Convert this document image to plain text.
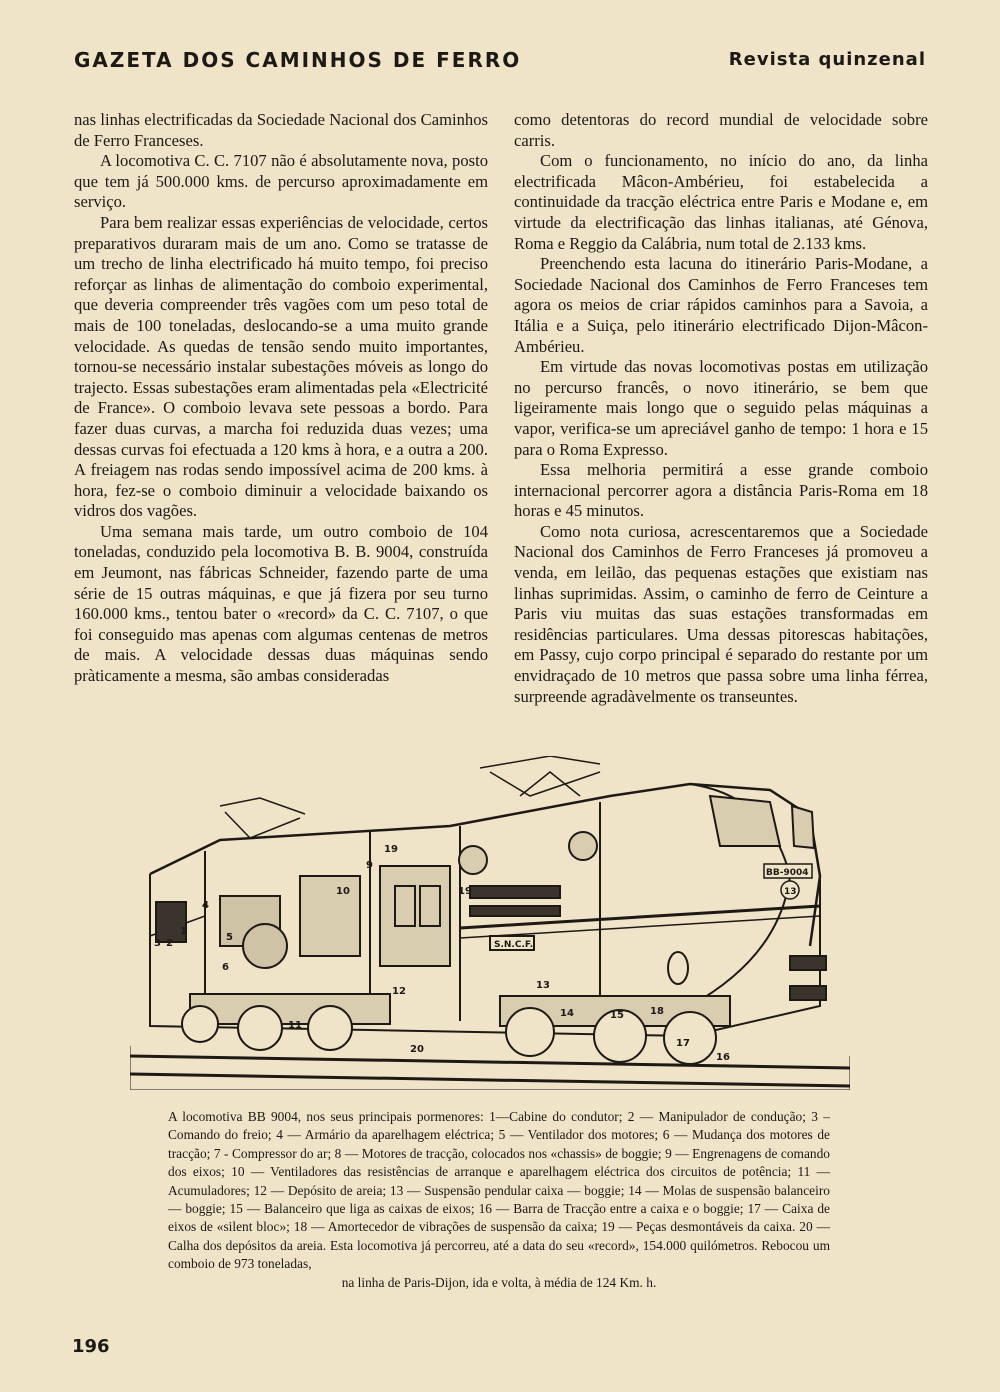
GAZETA DOS CAMINHOS DE FERRO	Revista quinzenal

nas linhas electrificadas da Sociedade Nacional dos Caminhos de Ferro Franceses.

A locomotiva C. C. 7107 não é absolutamente nova, posto que tem já 500.000 kms. de percurso aproximadamente em serviço.

Para bem realizar essas experiências de velocidade, certos preparativos duraram mais de um ano. Como se tratasse de um trecho de linha electrificado há muito tempo, foi preciso reforçar as linhas de alimentação do comboio experimental, que deveria compreender três vagões com um peso total de mais de 100 toneladas, deslocando-se a uma muito grande velocidade. As quedas de tensão sendo muito importantes, tornou-se necessário instalar subestações móveis as longo do trajecto. Essas subestações eram alimentadas pela «Electricité de France». O comboio levava sete pessoas a bordo. Para fazer duas curvas, a marcha foi reduzida duas vezes; uma dessas curvas foi efectuada a 120 kms à hora, e a outra a 200. A freiagem nas rodas sendo impossível acima de 200 kms. à hora, fez-se o comboio diminuir a velocidade baixando os vidros dos vagões.

Uma semana mais tarde, um outro comboio de 104 toneladas, conduzido pela locomotiva B. B. 9004, construída em Jeumont, nas fábricas Schneider, fazendo parte de uma série de 15 outras máquinas, e que já fizera por seu turno 160.000 kms., tentou bater o «record» da C. C. 7107, o que foi conseguido mas apenas com algumas centenas de metros de mais. A velocidade dessas duas máquinas sendo pràticamente a mesma, são ambas consideradas

como detentoras do record mundial de velocidade sobre carris.

Com o funcionamento, no início do ano, da linha electrificada Mâcon-Ambérieu, foi estabelecida a continuidade da tracção eléctrica entre Paris e Modane e, em virtude da electrificação das linhas italianas, até Génova, Roma e Reggio da Calábria, num total de 2.133 kms.

Preenchendo esta lacuna do itinerário Paris-Modane, a Sociedade Nacional dos Caminhos de Ferro Franceses tem agora os meios de criar rápidos caminhos para a Savoia, a Itália e a Suiça, pelo itinerário electrificado Dijon-Mâcon-Ambérieu.

Em virtude das novas locomotivas postas em utilização no percurso francês, o novo itinerário, se bem que ligeiramente mais longo que o seguido pelas máquinas a vapor, verifica-se um apreciável ganho de tempo: 1 hora e 15 para o Roma Expresso.

Essa melhoria permitirá a esse grande comboio internacional percorrer agora a distância Paris-Roma em 18 horas e 45 minutos.

Como nota curiosa, acrescentaremos que a Sociedade Nacional dos Caminhos de Ferro Franceses já promoveu a venda, em leilão, das pequenas estações que existiam nas linhas suprimidas. Assim, o caminho de ferro de Ceinture a Paris viu muitas das suas estações transformadas em residências particulares. Uma dessas pitorescas habitações, em Passy, cujo corpo principal é separado do restante por um envidraçado de 10 metros que passa sobre uma linha férrea, surpreende agradàvelmente os transeuntes.

BB-9004
S.N.C.F.
13
4
3 2
1
5
6
10
11
12
13
14	15
16
17
18
19
20
19
9
A locomotiva BB 9004, nos seus principais pormenores: 1—Cabine do condutor; 2 — Manipulador de condução; 3 – Comando do freio; 4 — Armário da aparelhagem eléctrica; 5 — Ventilador dos motores; 6 — Mudança dos motores de tracção; 7 - Compressor do ar; 8 — Motores de tracção, colocados nos «chassis» de boggie; 9 — Engrenagens de comando dos eixos; 10 — Ventiladores das resistências de arranque e aparelhagem eléctrica dos circuitos de potência; 11 — Acumuladores; 12 — Depósito de areia; 13 — Suspensão pendular caixa — boggie; 14 — Molas de suspensão balanceiro — boggie; 15 — Balanceiro que liga as caixas de eixos; 16 — Barra de Tracção entre a caixa e o boggie; 17 — Caixa de eixos de «silent bloc»; 18 — Amortecedor de vibrações de suspensão da caixa; 19 — Peças desmontáveis da caixa. 20 — Calha dos depósitos da areia. Esta locomotiva já percorreu, até a data do seu «record», 154.000 quilómetros. Rebocou um comboio de 973 toneladas,
na linha de Paris-Dijon, ida e volta, à média de 124 Km. h.
196
